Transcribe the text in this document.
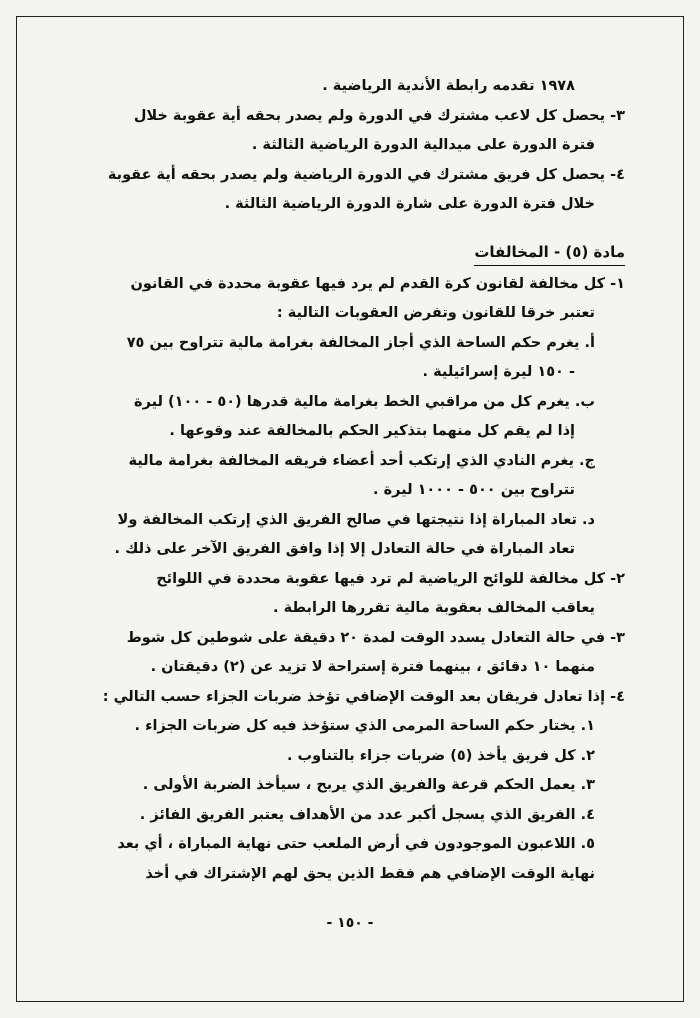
١٩٧٨ تقدمه رابطة الأندية الرياضية .
٣- يحصل كل لاعب مشترك في الدورة ولم يصدر بحقه أية عقوبة خلال
فترة الدورة على ميدالية الدورة الرياضية الثالثة .
٤- يحصل كل فريق مشترك في الدورة الرياضية ولم يصدر بحقه أية عقوبة
خلال فترة الدورة على شارة الدورة الرياضية الثالثة .
مادة (٥) - المخالفات
١- كل مخالفة لقانون كرة القدم لم يرد فيها عقوبة محددة في القانون
تعتبر خرقا للقانون وتفرض العقوبات التالية :
أ. يغرم حكم الساحة الذي أجاز المخالفة بغرامة مالية تتراوح بين ٧٥
- ١٥٠ ليرة إسرائيلية .
ب. يغرم كل من مراقبي الخط بغرامة مالية قدرها (٥٠ - ١٠٠) ليرة
إذا لم يقم كل منهما بتذكير الحكم بالمخالفة عند وقوعها .
ج. يغرم النادي الذي إرتكب أحد أعضاء فريقه المخالفة بغرامة مالية
تتراوح بين ٥٠٠ - ١٠٠٠ ليرة .
د. تعاد المباراة إذا نتيجتها في صالح الفريق الذي إرتكب المخالفة ولا
تعاد المباراة في حالة التعادل إلا إذا وافق الفريق الآخر على ذلك .
٢- كل مخالفة للوائح الرياضية لم ترد فيها عقوبة محددة في اللوائح
يعاقب المخالف بعقوبة مالية تقررها الرابطة .
٣- في حالة التعادل يسدد الوقت لمدة ٢٠ دقيقة على شوطين كل شوط
منهما ١٠ دقائق ، بينهما فترة إستراحة لا تزيد عن (٢) دقيقتان .
٤- إذا تعادل فريقان بعد الوقت الإضافي تؤخذ ضربات الجزاء حسب التالي :
١. يختار حكم الساحة المرمى الذي ستؤخذ فيه كل ضربات الجزاء .
٢. كل فريق يأخذ (٥) ضربات جزاء بالتناوب .
٣. يعمل الحكم قرعة والفريق الذي يربح ، سيأخذ الضربة الأولى .
٤. الفريق الذي يسجل أكبر عدد من الأهداف يعتبر الفريق الفائز .
٥. اللاعبون الموجودون في أرض الملعب حتى نهاية المباراة ، أي بعد
نهاية الوقت الإضافي هم فقط الذين يحق لهم الإشتراك في أخذ
- ١٥٠ -
